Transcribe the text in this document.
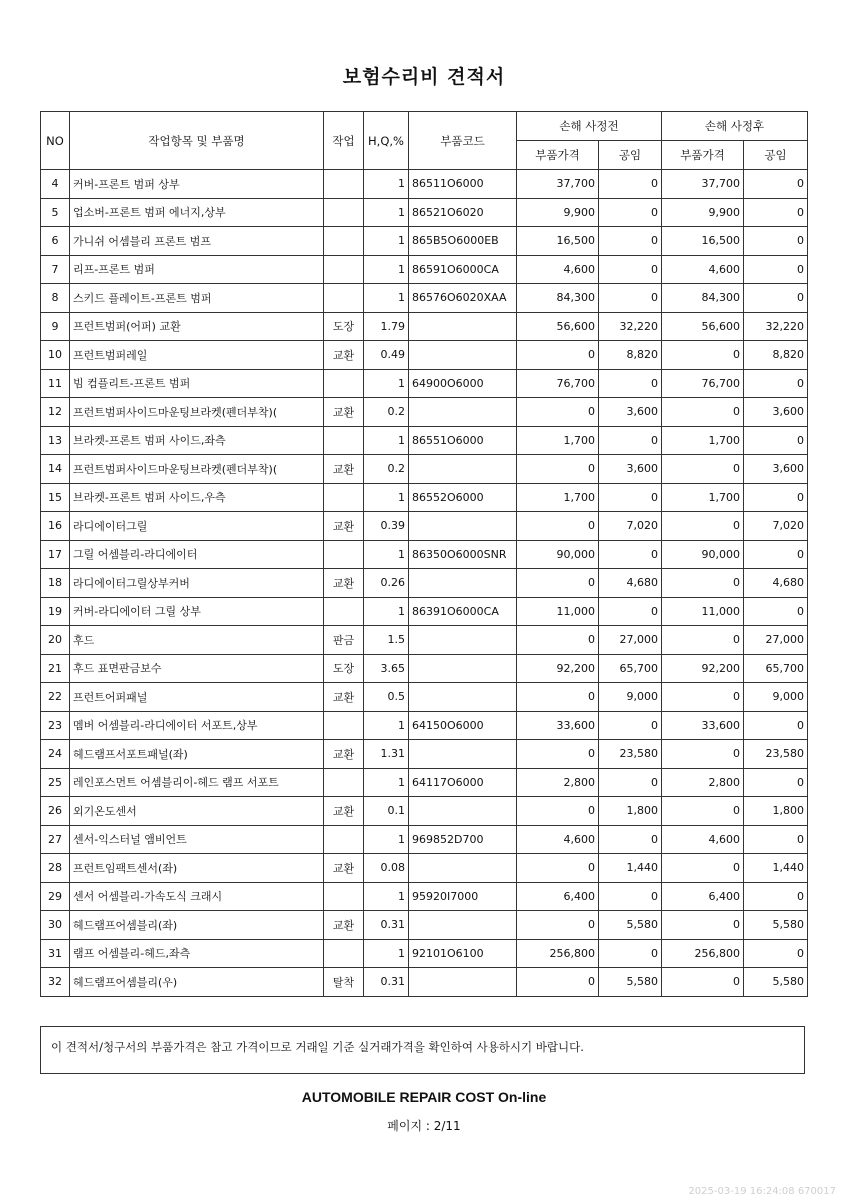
보험수리비 견적서
NO	작업항목 및 부품명	작업	H,Q,%	부품코드	손해 사정전		손해 사정후	
					부품가격	공임	부품가격	공임
4	커버-프론트 범퍼 상부		1	86511O6000	37,700	0	37,700	0
5	업소버-프론트 범퍼 에너지,상부		1	86521O6020	9,900	0	9,900	0
6	가니쉬 어셈블리 프론트 범프		1	865B5O6000EB	16,500	0	16,500	0
7	리프-프론트 범퍼		1	86591O6000CA	4,600	0	4,600	0
8	스키드 플레이트-프론트 범퍼		1	86576O6020XAA	84,300	0	84,300	0
9	프런트범퍼(어퍼) 교환	도장	1.79		56,600	32,220	56,600	32,220
10	프런트범퍼레일	교환	0.49		0	8,820	0	8,820
11	빔 컴플리트-프론트 범퍼		1	64900O6000	76,700	0	76,700	0
12	프런트범퍼사이드마운팅브라켓(펜더부착)(	교환	0.2		0	3,600	0	3,600
13	브라켓-프론트 범퍼 사이드,좌측		1	86551O6000	1,700	0	1,700	0
14	프런트범퍼사이드마운팅브라켓(펜더부착)(	교환	0.2		0	3,600	0	3,600
15	브라켓-프론트 범퍼 사이드,우측		1	86552O6000	1,700	0	1,700	0
16	라디에이터그릴	교환	0.39		0	7,020	0	7,020
17	그릴 어셈블리-라디에이터		1	86350O6000SNR	90,000	0	90,000	0
18	라디에이터그릴상부커버	교환	0.26		0	4,680	0	4,680
19	커버-라디에이터 그릴 상부		1	86391O6000CA	11,000	0	11,000	0
20	후드	판금	1.5		0	27,000	0	27,000
21	후드 표면판금보수	도장	3.65		92,200	65,700	92,200	65,700
22	프런트어퍼패널	교환	0.5		0	9,000	0	9,000
23	멤버 어셈블리-라디에이터 서포트,상부		1	64150O6000	33,600	0	33,600	0
24	헤드램프서포트패널(좌)	교환	1.31		0	23,580	0	23,580
25	레인포스먼트 어셈블리이-헤드 램프 서포트		1	64117O6000	2,800	0	2,800	0
26	외기온도센서	교환	0.1		0	1,800	0	1,800
27	센서-익스터널 앰비언트		1	969852D700	4,600	0	4,600	0
28	프런트임팩트센서(좌)	교환	0.08		0	1,440	0	1,440
29	센서 어셈블리-가속도식 크래시		1	95920I7000	6,400	0	6,400	0
30	헤드램프어셈블리(좌)	교환	0.31		0	5,580	0	5,580
31	램프 어셈블리-헤드,좌측		1	92101O6100	256,800	0	256,800	0
32	헤드램프어셈블리(우)	탈착	0.31		0	5,580	0	5,580
이 견적서/청구서의 부품가격은 참고 가격이므로 거래일 기준 실거래가격을 확인하여 사용하시기 바랍니다.
AUTOMOBILE REPAIR COST On-line
페이지 : 2/11
2025-03-19 16:24:08 670017
